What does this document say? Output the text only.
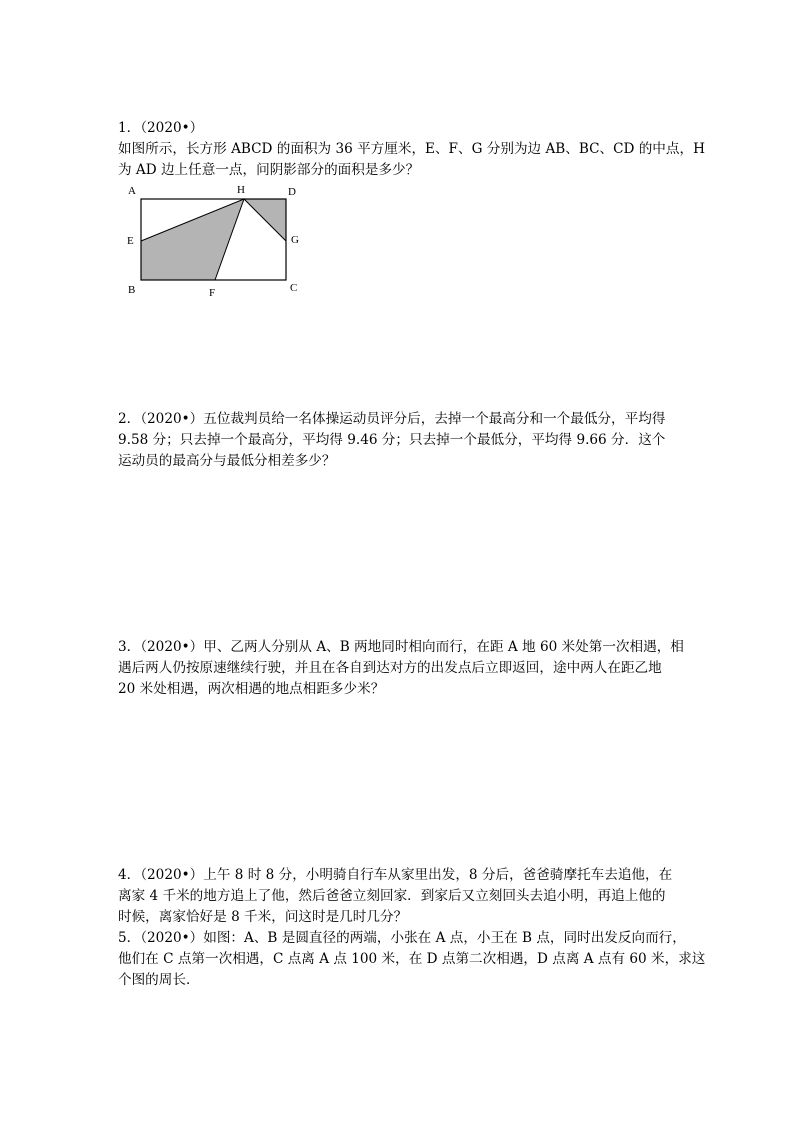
1．（2020•）
如图所示，长方形 ABCD 的面积为 36 平方厘米，E、F、G 分别为边 AB、BC、CD 的中点，H
为 AD 边上任意一点，问阴影部分的面积是多少？
A	H	D
E	G
B	F	C
2．（2020•）五位裁判员给一名体操运动员评分后，去掉一个最高分和一个最低分，平均得
9.58 分；只去掉一个最高分，平均得 9.46 分；只去掉一个最低分，平均得 9.66 分．这个
运动员的最高分与最低分相差多少？
3．（2020•）甲、乙两人分别从 A、B 两地同时相向而行，在距 A 地 60 米处第一次相遇，相
遇后两人仍按原速继续行驶，并且在各自到达对方的出发点后立即返回，途中两人在距乙地
20 米处相遇，两次相遇的地点相距多少米？
4．（2020•）上午 8 时 8 分，小明骑自行车从家里出发，8 分后，爸爸骑摩托车去追他，在
离家 4 千米的地方追上了他，然后爸爸立刻回家．到家后又立刻回头去追小明，再追上他的
时候，离家恰好是 8 千米，问这时是几时几分？
5．（2020•）如图：A、B 是圆直径的两端，小张在 A 点，小王在 B 点，同时出发反向而行，
他们在 C 点第一次相遇，C 点离 A 点 100 米，在 D 点第二次相遇，D 点离 A 点有 60 米，求这
个图的周长．
